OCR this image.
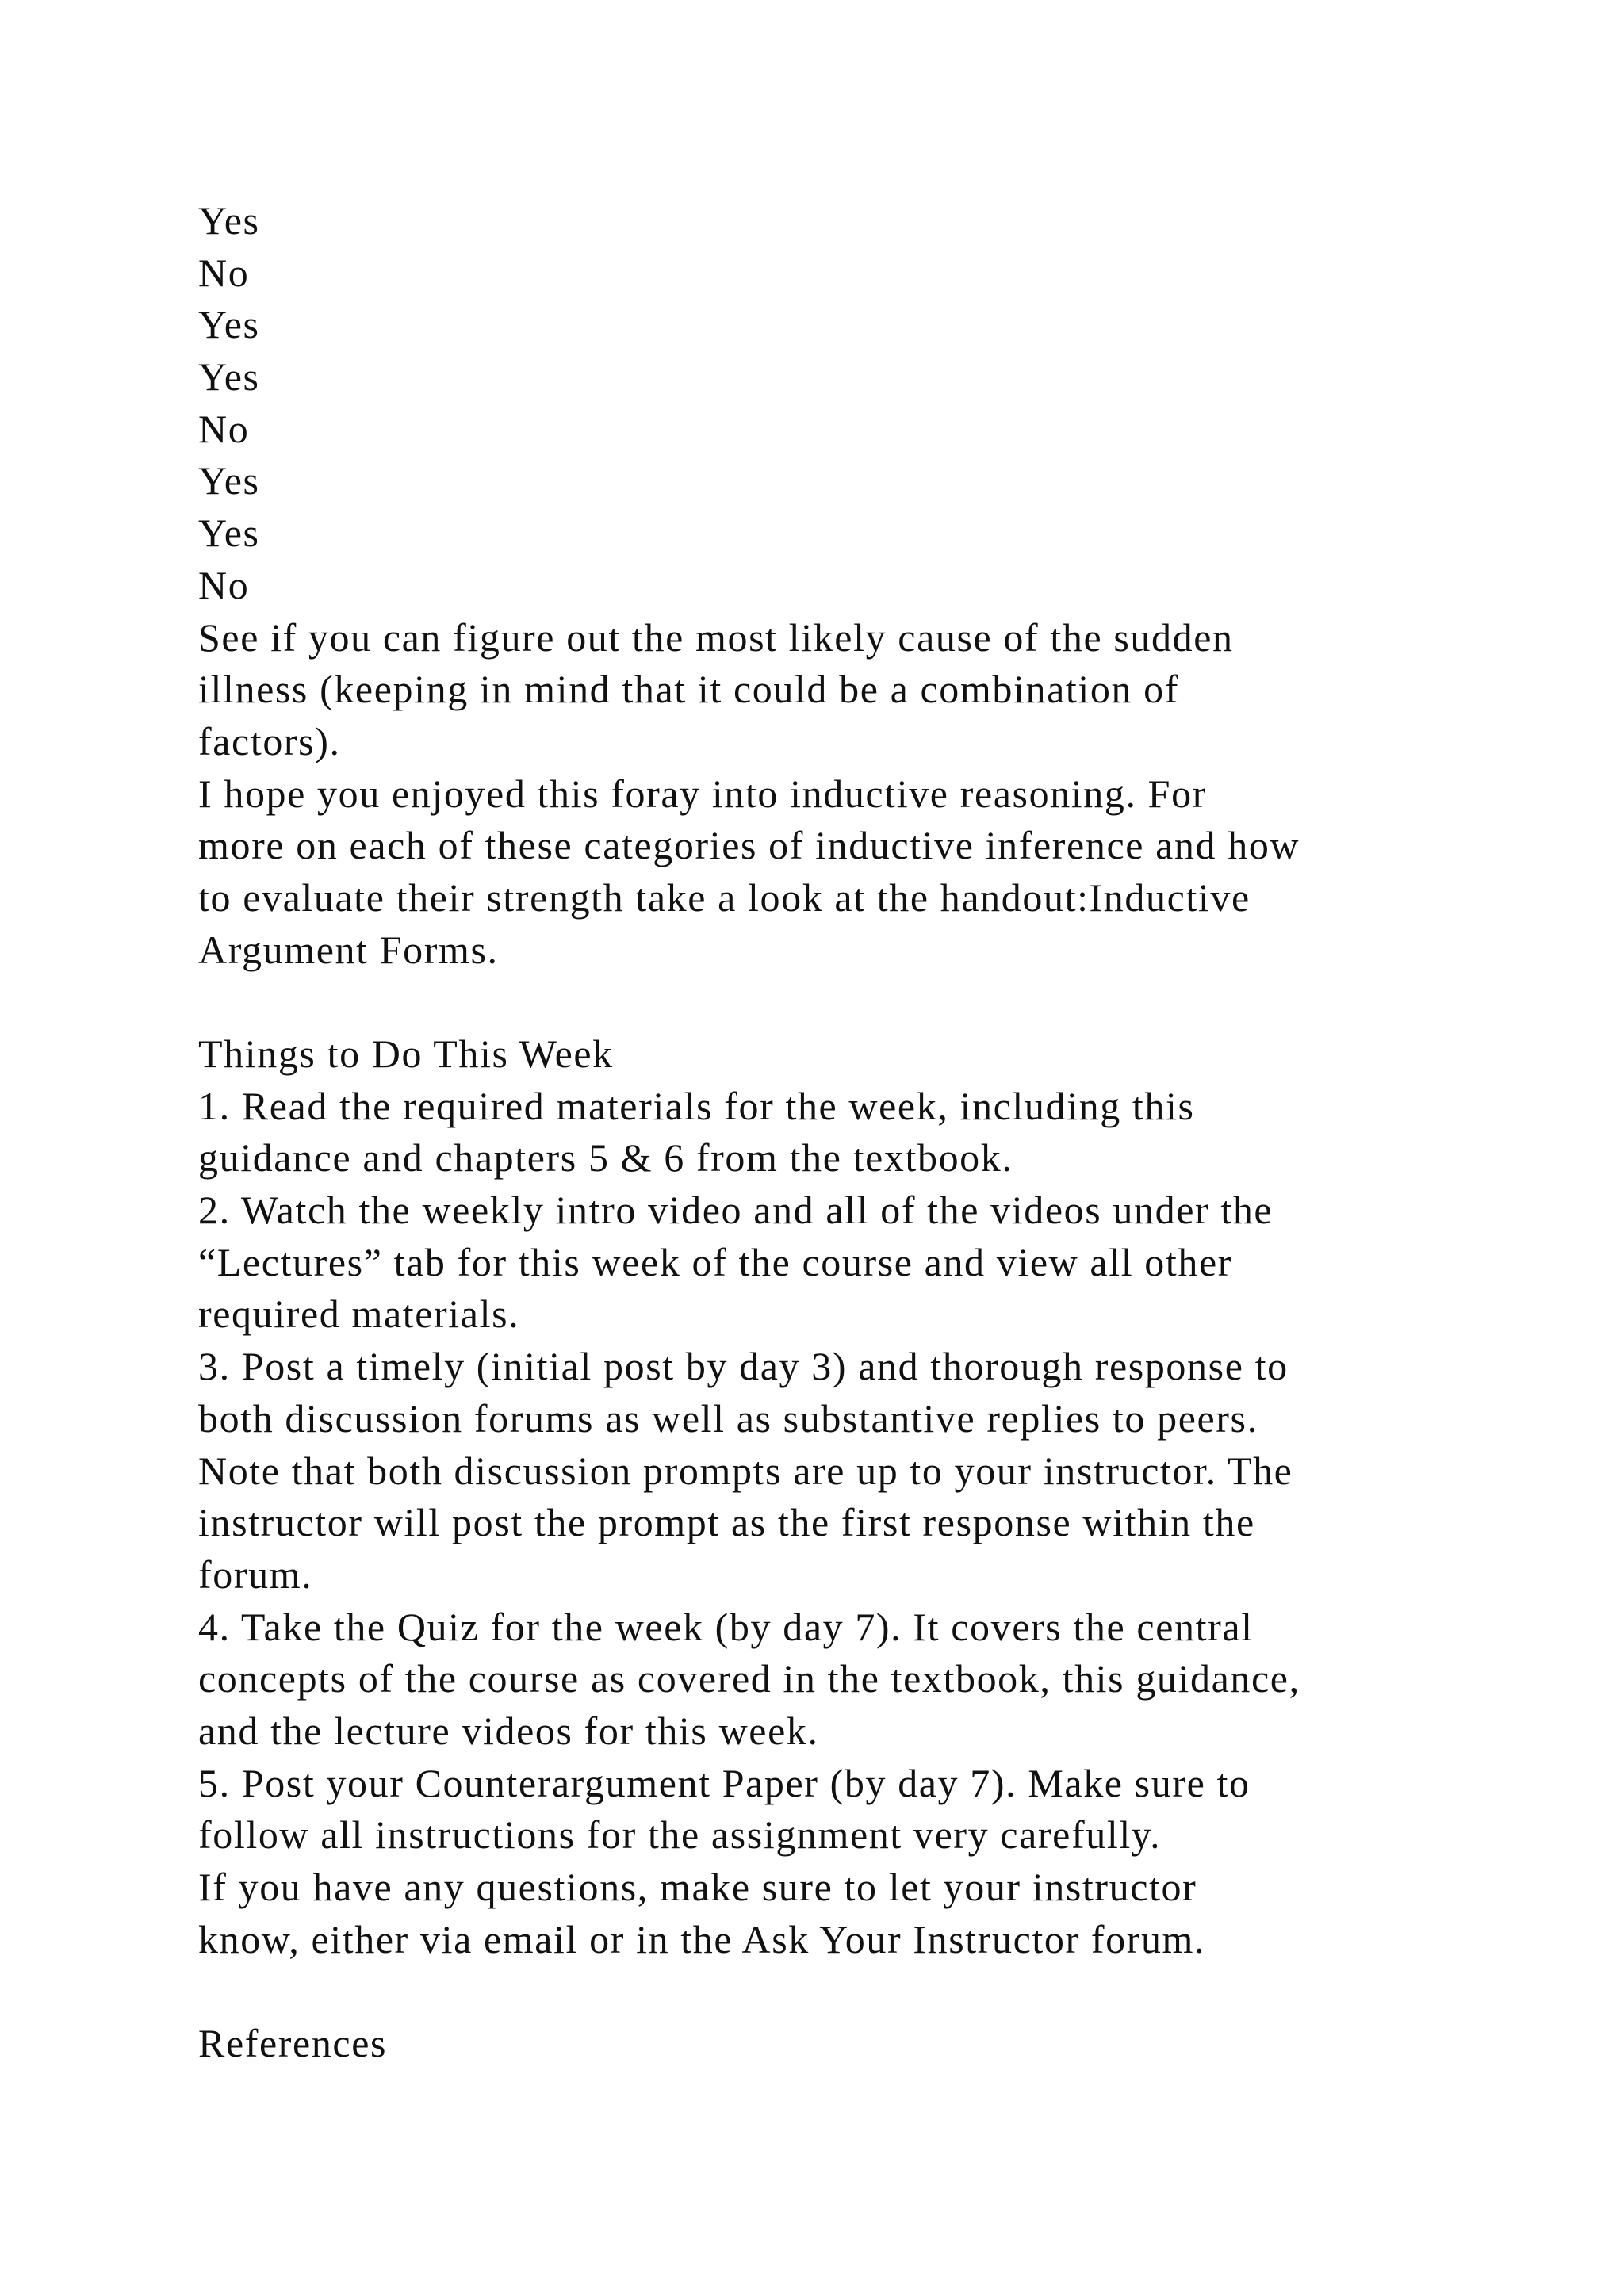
Yes
No
Yes
Yes
No
Yes
Yes
No
See if you can figure out the most likely cause of the sudden
illness (keeping in mind that it could be a combination of
factors).
I hope you enjoyed this foray into inductive reasoning. For
more on each of these categories of inductive inference and how
to evaluate their strength take a look at the handout:Inductive
Argument Forms.
Things to Do This Week
1. Read the required materials for the week, including this
guidance and chapters 5 & 6 from the textbook.
2. Watch the weekly intro video and all of the videos under the
“Lectures” tab for this week of the course and view all other
required materials.
3. Post a timely (initial post by day 3) and thorough response to
both discussion forums as well as substantive replies to peers.
Note that both discussion prompts are up to your instructor. The
instructor will post the prompt as the first response within the
forum.
4. Take the Quiz for the week (by day 7). It covers the central
concepts of the course as covered in the textbook, this guidance,
and the lecture videos for this week.
5. Post your Counterargument Paper (by day 7). Make sure to
follow all instructions for the assignment very carefully.
If you have any questions, make sure to let your instructor
know, either via email or in the Ask Your Instructor forum.
References
